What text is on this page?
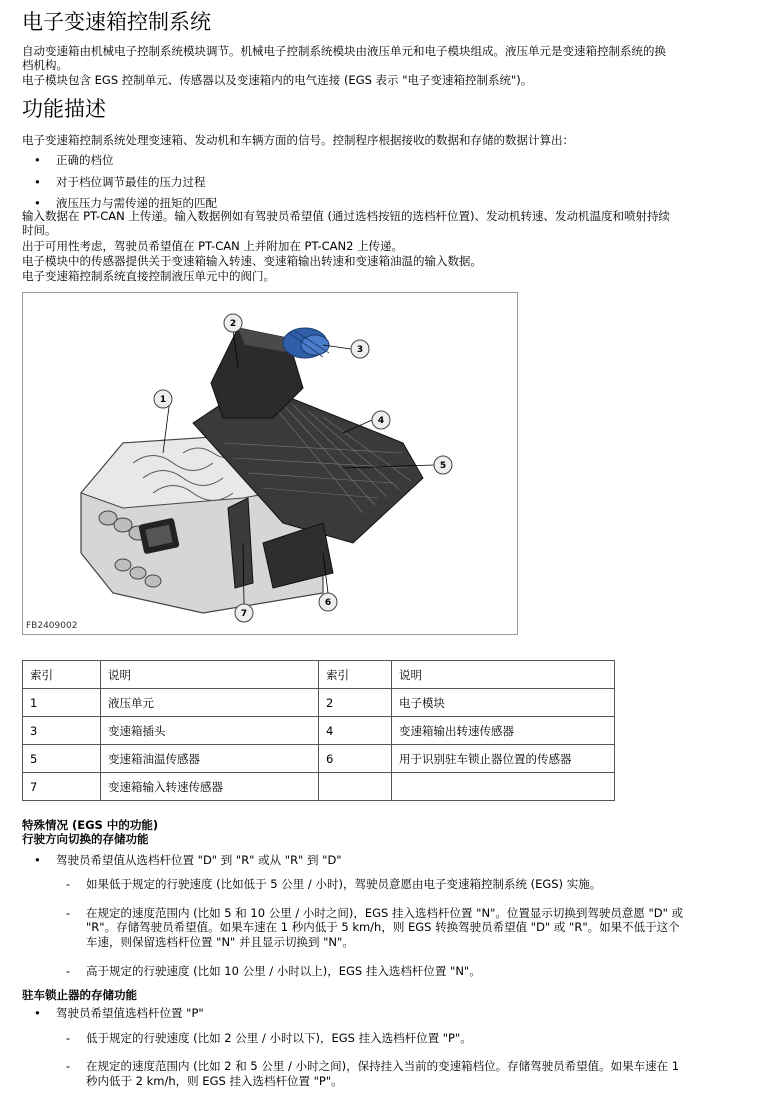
电子变速箱控制系统
自动变速箱由机械电子控制系统模块调节。机械电子控制系统模块由液压单元和电子模块组成。液压单元是变速箱控制系统的换
档机构。
电子模块包含 EGS 控制单元、传感器以及变速箱内的电气连接 (EGS 表示 "电子变速箱控制系统")。
功能描述
电子变速箱控制系统处理变速箱、发动机和车辆方面的信号。控制程序根据接收的数据和存储的数据计算出：
• 正确的档位
• 对于档位调节最佳的压力过程
• 液压压力与需传递的扭矩的匹配
输入数据在 PT-CAN 上传递。输入数据例如有驾驶员希望值 (通过选档按钮的选档杆位置)、发动机转速、发动机温度和喷射持续
时间。
出于可用性考虑，驾驶员希望值在 PT-CAN 上并附加在 PT-CAN2 上传递。
电子模块中的传感器提供关于变速箱输入转速、变速箱输出转速和变速箱油温的输入数据。
电子变速箱控制系统直接控制液压单元中的阀门。
1
2
3
4
5
6
7
FB2409002
索引	说明	索引	说明
1	液压单元	2	电子模块
3	变速箱插头	4	变速箱输出转速传感器
5	变速箱油温传感器	6	用于识别驻车锁止器位置的传感器
7	变速箱输入转速传感器		
特殊情况 (EGS 中的功能)
行驶方向切换的存储功能
• 驾驶员希望值从选档杆位置 "D" 到 "R" 或从 "R" 到 "D"
- 如果低于规定的行驶速度 (比如低于 5 公里 / 小时)，驾驶员意愿由电子变速箱控制系统 (EGS) 实施。
- 在规定的速度范围内 (比如 5 和 10 公里 / 小时之间)，EGS 挂入选档杆位置 "N"。位置显示切换到驾驶员意愿 "D" 或
"R"。存储驾驶员希望值。如果车速在 1 秒内低于 5 km/h，则 EGS 转换驾驶员希望值 "D" 或 "R"。如果不低于这个
车速，则保留选档杆位置 "N" 并且显示切换到 "N"。
- 高于规定的行驶速度 (比如 10 公里 / 小时以上)，EGS 挂入选档杆位置 "N"。
驻车锁止器的存储功能
• 驾驶员希望值选档杆位置 "P"
- 低于规定的行驶速度 (比如 2 公里 / 小时以下)，EGS 挂入选档杆位置 "P"。
- 在规定的速度范围内 (比如 2 和 5 公里 / 小时之间)，保持挂入当前的变速箱档位。存储驾驶员希望值。如果车速在 1
秒内低于 2 km/h，则 EGS 挂入选档杆位置 "P"。
